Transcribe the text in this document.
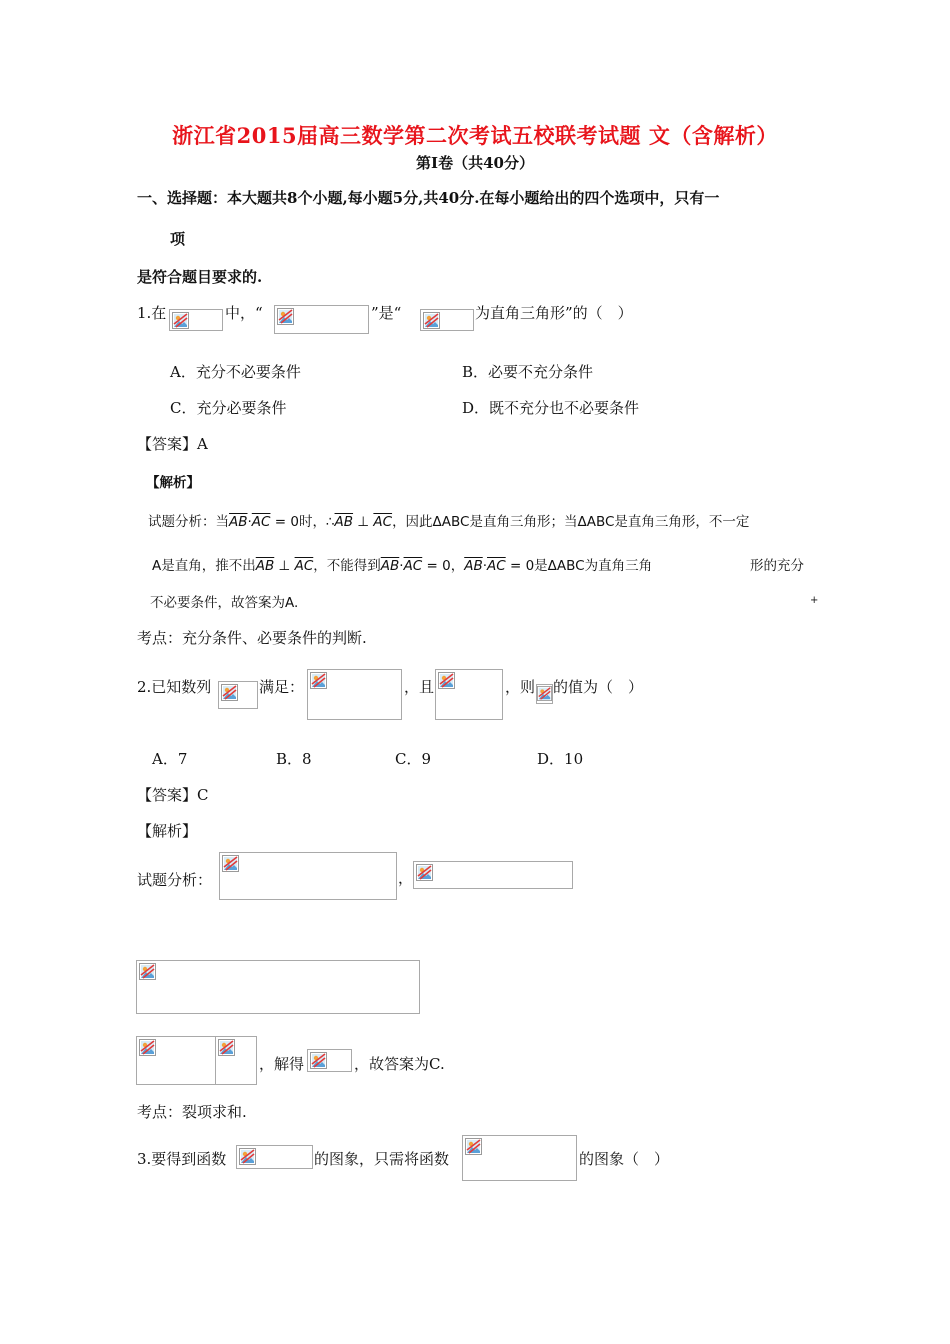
浙江省2015届高三数学第二次考试五校联考试题 文（含解析）
第Ⅰ卷（共40分）
一、选择题：本大题共8个小题,每小题5分,共40分.在每小题给出的四个选项中，只有一
项
是符合题目要求的.
1.在	中，“	”是“	为直角三角形”的（　）
A．充分不必要条件	B．必要不充分条件
C．充分必要条件	D．既不充分也不必要条件
【答案】A
【解析】
试题分析：当$\overline{AB}\cdot\overline{AC} = 0$时，$\therefore\overline{AB}$ ⊥ $\overline{AC}$，因此ΔABC是直角三角形；当ΔABC是直角三角形，不一定
A是直角，推不出$\overline{AB}$ ⊥ $\overline{AC}$，不能得到$\overline{AB}\cdot\overline{AC} = 0$，$\overline{AB}\cdot\overline{AC} = 0$是ΔABC为直角三角	形的充分
不必要条件，故答案为A.	+
考点：充分条件、必要条件的判断.
2.已知数列	满足：	，且	，则 的值为（　）
A．7	B．8	C．9	D．10
【答案】C
【解析】
试题分析：	，
，解得	，故答案为C.
考点：裂项求和.
3.要得到函数	的图象，只需将函数	的图象（　）
